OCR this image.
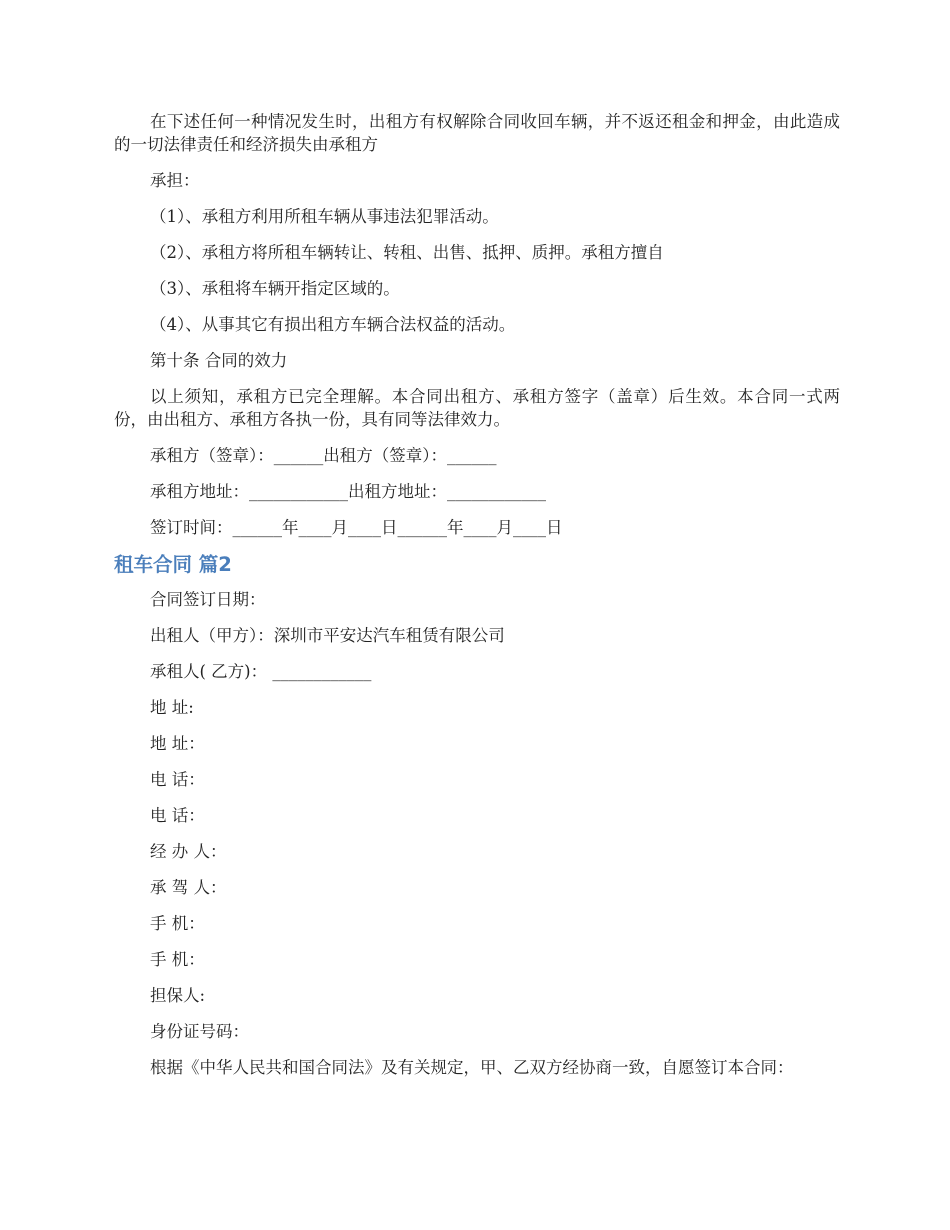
在下述任何一种情况发生时，出租方有权解除合同收回车辆，并不返还租金和押金，由此造成的一切法律责任和经济损失由承租方

承担：

（1）、承租方利用所租车辆从事违法犯罪活动。

（2）、承租方将所租车辆转让、转租、出售、抵押、质押。承租方擅自

（3）、承租将车辆开指定区域的。

（4）、从事其它有损出租方车辆合法权益的活动。

第十条 合同的效力

以上须知，承租方已完全理解。本合同出租方、承租方签字（盖章）后生效。本合同一式两份，由出租方、承租方各执一份，具有同等法律效力。

承租方（签章）：______出租方（签章）：______

承租方地址：____________出租方地址：____________

签订时间：______年____月____日______年____月____日

租车合同 篇2

合同签订日期：

出租人（甲方）：深圳市平安达汽车租赁有限公司

承租人( 乙方)： ____________

地 址:

地 址：

电 话：

电 话：

经 办 人：

承 驾 人：

手 机：

手 机：

担保人:

身份证号码：

根据《中华人民共和国合同法》及有关规定，甲、乙双方经协商一致，自愿签订本合同：
